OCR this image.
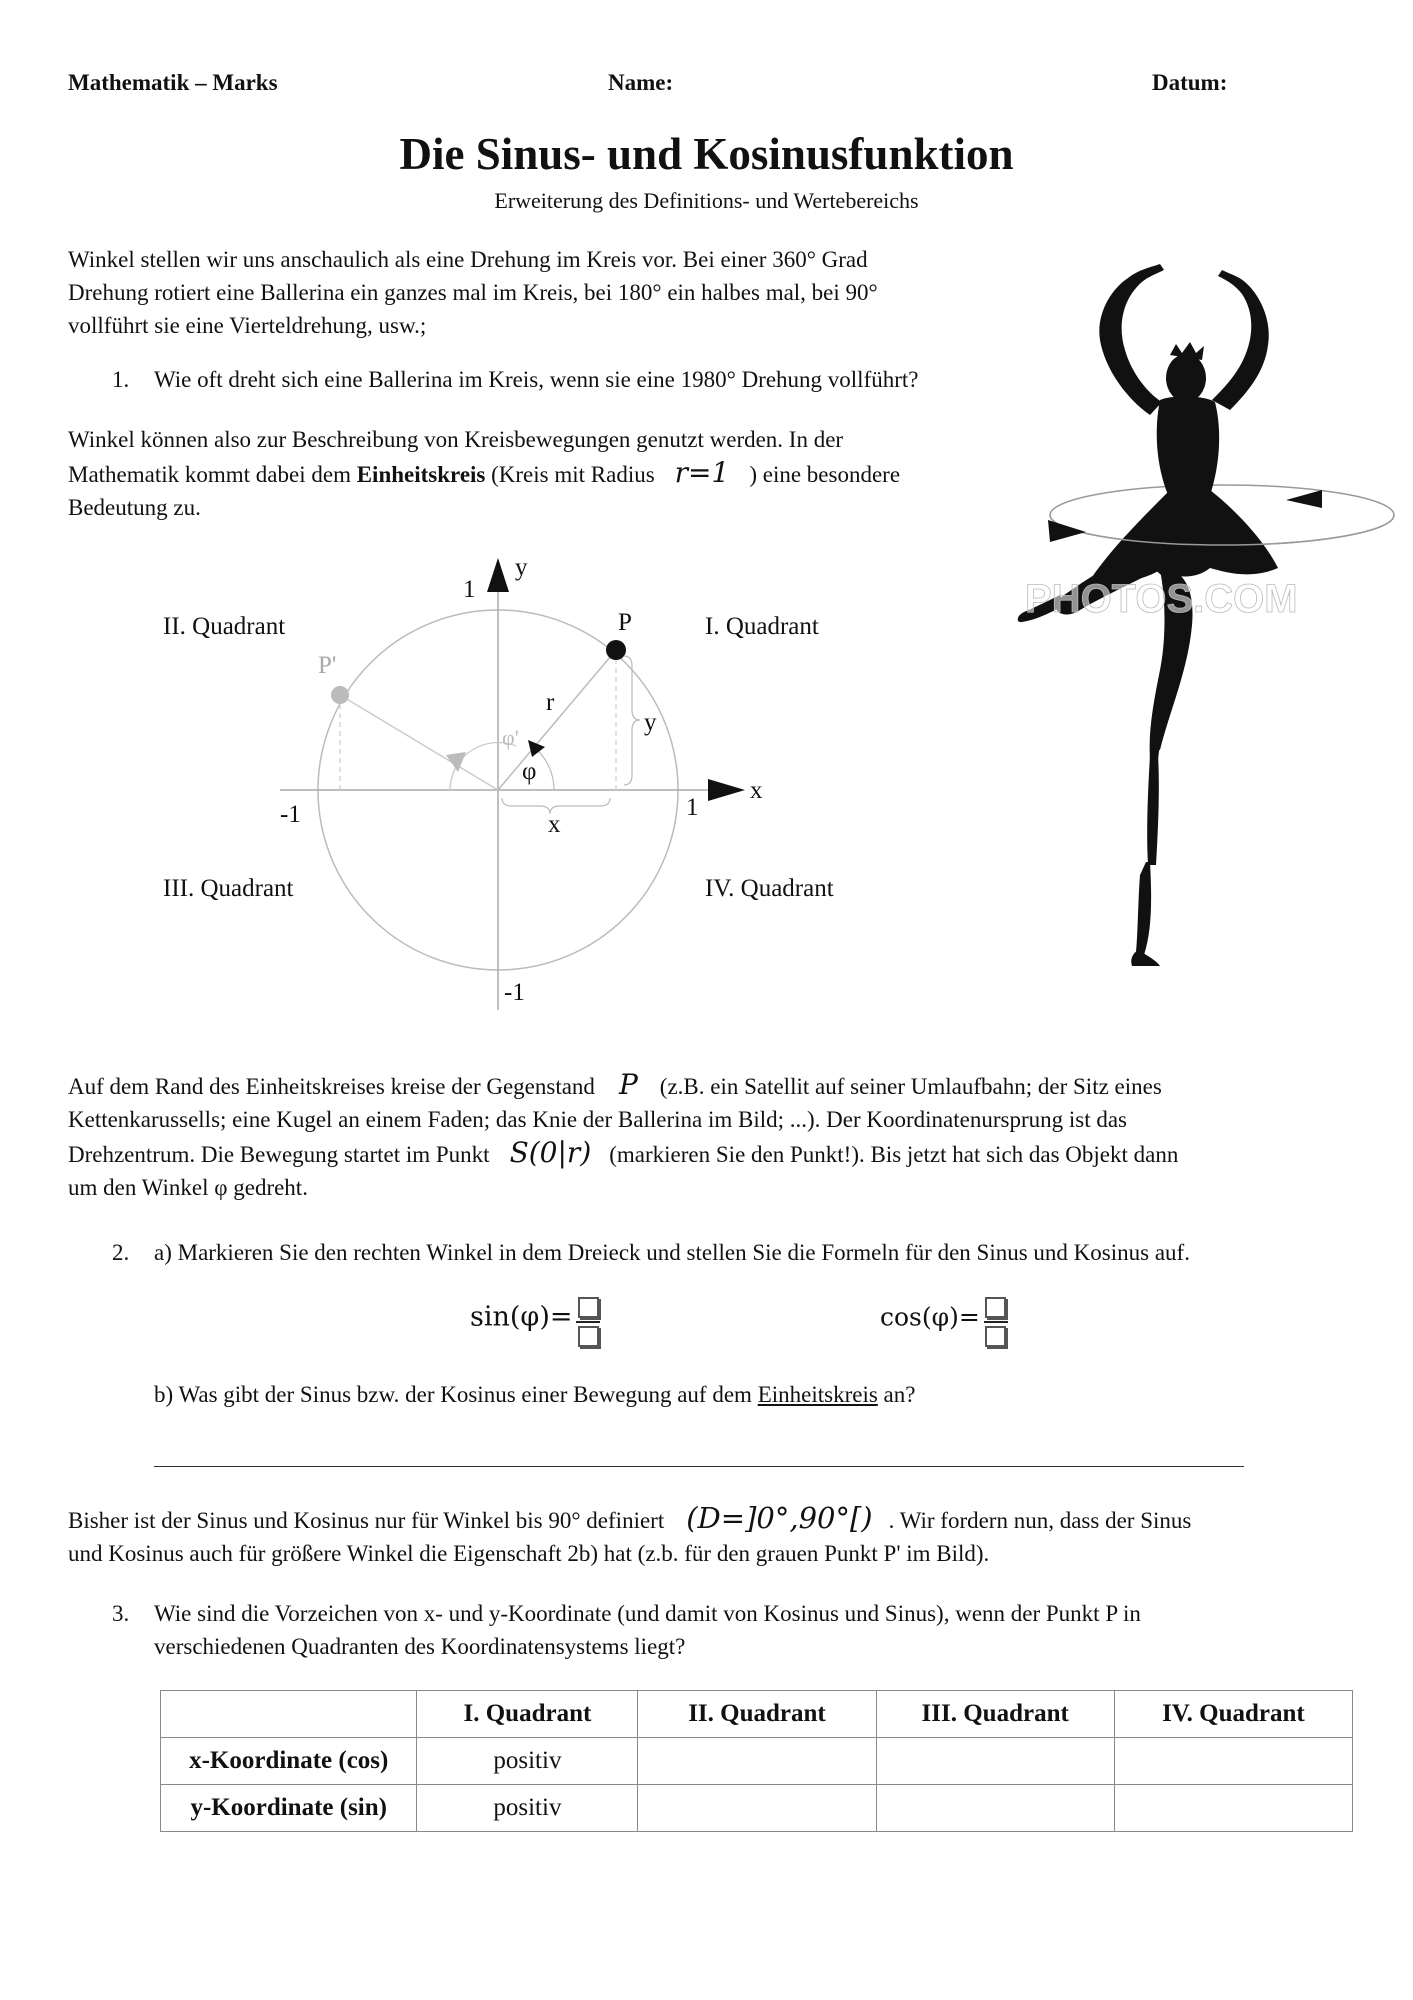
Mathematik – Marks	Name:	Datum:
Die Sinus- und Kosinusfunktion
Erweiterung des Definitions- und Wertebereichs
Winkel stellen wir uns anschaulich als eine Drehung im Kreis vor. Bei einer 360° Grad
Drehung rotiert eine Ballerina ein ganzes mal im Kreis, bei 180° ein halbes mal, bei 90°
vollführt sie eine Vierteldrehung, usw.;
1. Wie oft dreht sich eine Ballerina im Kreis, wenn sie eine 1980° Drehung vollführt?
Winkel können also zur Beschreibung von Kreisbewegungen genutzt werden. In der
Mathematik kommt dabei dem Einheitskreis (Kreis mit Radius r=1 ) eine besondere
Bedeutung zu.
II. Quadrant	I. Quadrant
III. Quadrant	IV. Quadrant
y
x
1
-1
-1	1
P
P'
r
φ
φ'
x
y
PHOTOS.COM
Auf dem Rand des Einheitskreises kreise der Gegenstand P (z.B. ein Satellit auf seiner Umlaufbahn; der Sitz eines
Kettenkarussells; eine Kugel an einem Faden; das Knie der Ballerina im Bild; ...). Der Koordinatenursprung ist das
Drehzentrum. Die Bewegung startet im Punkt S(0|r) (markieren Sie den Punkt!). Bis jetzt hat sich das Objekt dann
um den Winkel φ gedreht.
2. a) Markieren Sie den rechten Winkel in dem Dreieck und stellen Sie die Formeln für den Sinus und Kosinus auf.
sin(φ)=	cos(φ)=
b) Was gibt der Sinus bzw. der Kosinus einer Bewegung auf dem Einheitskreis an?
Bisher ist der Sinus und Kosinus nur für Winkel bis 90° definiert (D=]0°,90°[) . Wir fordern nun, dass der Sinus
und Kosinus auch für größere Winkel die Eigenschaft 2b) hat (z.b. für den grauen Punkt P' im Bild).
3. Wie sind die Vorzeichen von x- und y-Koordinate (und damit von Kosinus und Sinus), wenn der Punkt P in
verschiedenen Quadranten des Koordinatensystems liegt?
	I. Quadrant	II. Quadrant	III. Quadrant	IV. Quadrant
x-Koordinate (cos)	positiv			
y-Koordinate (sin)	positiv			
